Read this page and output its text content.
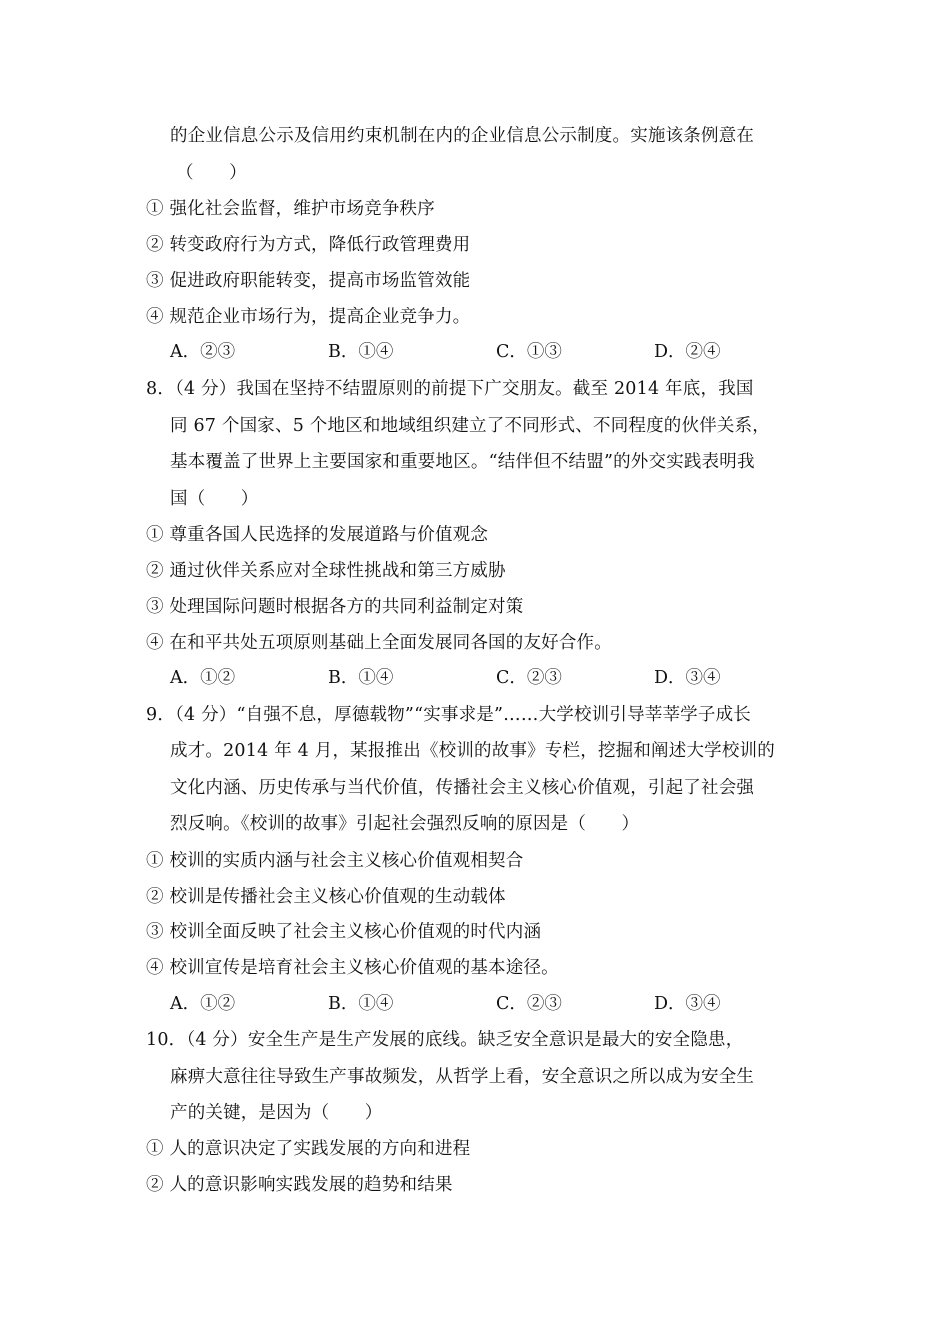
的企业信息公示及信用约束机制在内的企业信息公示制度。实施该条例意在
（　　）
① 强化社会监督，维护市场竞争秩序
② 转变政府行为方式，降低行政管理费用
③ 促进政府职能转变，提高市场监管效能
④ 规范企业市场行为，提高企业竞争力。
A．②③	B．①④	C．①③	D．②④
8．（4 分）我国在坚持不结盟原则的前提下广交朋友。截至 2014 年底，我国
同 67 个国家、5 个地区和地域组织建立了不同形式、不同程度的伙伴关系，
基本覆盖了世界上主要国家和重要地区。“结伴但不结盟”的外交实践表明我
国（　　）
① 尊重各国人民选择的发展道路与价值观念
② 通过伙伴关系应对全球性挑战和第三方威胁
③ 处理国际问题时根据各方的共同利益制定对策
④ 在和平共处五项原则基础上全面发展同各国的友好合作。
A．①②	B．①④	C．②③	D．③④
9．（4 分）“自强不息，厚德载物”“实事求是”……大学校训引导莘莘学子成长
成才。2014 年 4 月，某报推出《校训的故事》专栏，挖掘和阐述大学校训的
文化内涵、历史传承与当代价值，传播社会主义核心价值观，引起了社会强
烈反响。《校训的故事》引起社会强烈反响的原因是（　　）
① 校训的实质内涵与社会主义核心价值观相契合
② 校训是传播社会主义核心价值观的生动载体
③ 校训全面反映了社会主义核心价值观的时代内涵
④ 校训宣传是培育社会主义核心价值观的基本途径。
A．①②	B．①④	C．②③	D．③④
10．（4 分）安全生产是生产发展的底线。缺乏安全意识是最大的安全隐患，
麻痹大意往往导致生产事故频发，从哲学上看，安全意识之所以成为安全生
产的关键，是因为（　　）
① 人的意识决定了实践发展的方向和进程
② 人的意识影响实践发展的趋势和结果
